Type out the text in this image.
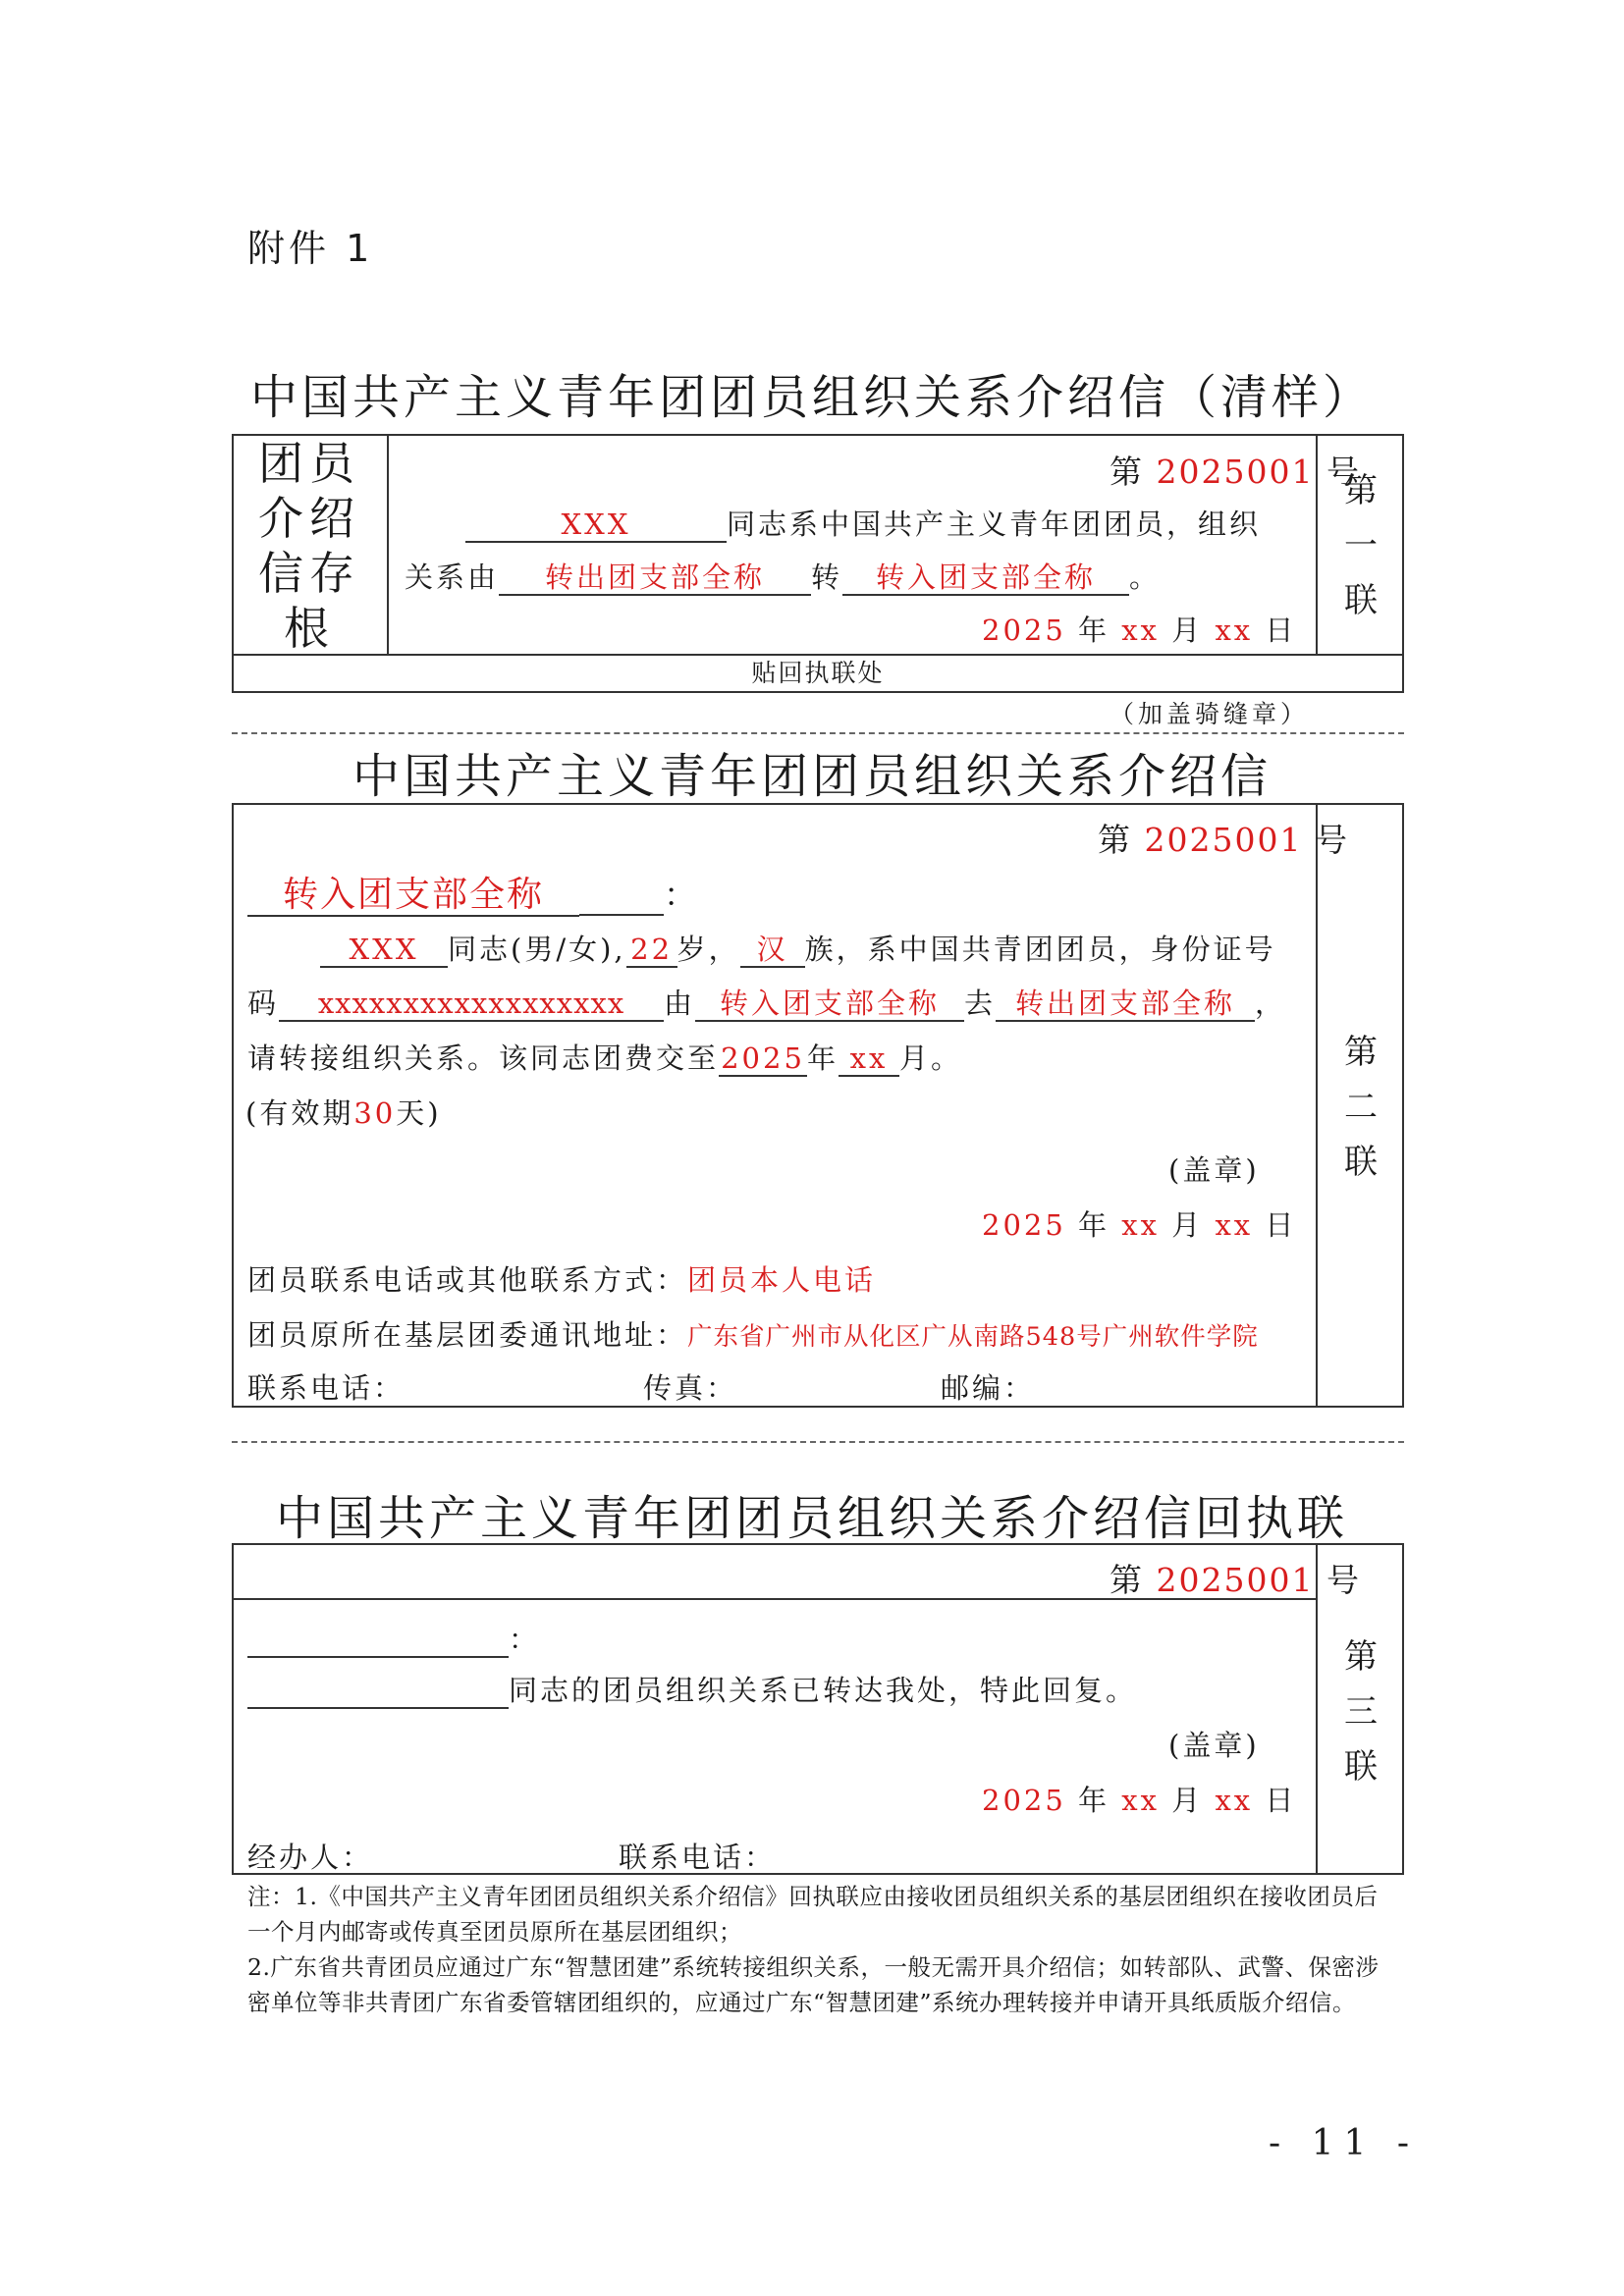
附件 1
中国共产主义青年团团员组织关系介绍信（清样）
团员
介绍
信存
根
第
一
联
第 2025001 号
XXX	同志系中国共产主义青年团团员，组织
关系由 转出团支部全称 转 转入团支部全称 。
2025 年 xx 月 xx 日
贴回执联处
（加盖骑缝章）
中国共产主义青年团团员组织关系介绍信
第
二
联
第 2025001 号
转入团支部全称	：
XXX 同志(男/女), 22 岁， 汉 族，系中国共青团团员，身份证号
码 xxxxxxxxxxxxxxxxxx 由 转入团支部全称 去 转出团支部全称 ，
请转接组织关系。该同志团费交至2025年 xx 月。
(有效期30天)
(盖章)
2025 年 xx 月 xx 日
团员联系电话或其他联系方式：团员本人电话
团员原所在基层团委通讯地址：广东省广州市从化区广从南路548号广州软件学院
联系电话：	传真：	邮编：
中国共产主义青年团团员组织关系介绍信回执联
第
三
联
第 2025001 号
：
同志的团员组织关系已转达我处，特此回复。
(盖章)
2025 年 xx 月 xx 日
经办人：	联系电话：
注：1.《中国共产主义青年团团员组织关系介绍信》回执联应由接收团员组织关系的基层团组织在接收团员后一个月内邮寄或传真至团员原所在基层团组织；
2.广东省共青团员应通过广东“智慧团建”系统转接组织关系，一般无需开具介绍信；如转部队、武警、保密涉密单位等非共青团广东省委管辖团组织的，应通过广东“智慧团建”系统办理转接并申请开具纸质版介绍信。
- 11 -
